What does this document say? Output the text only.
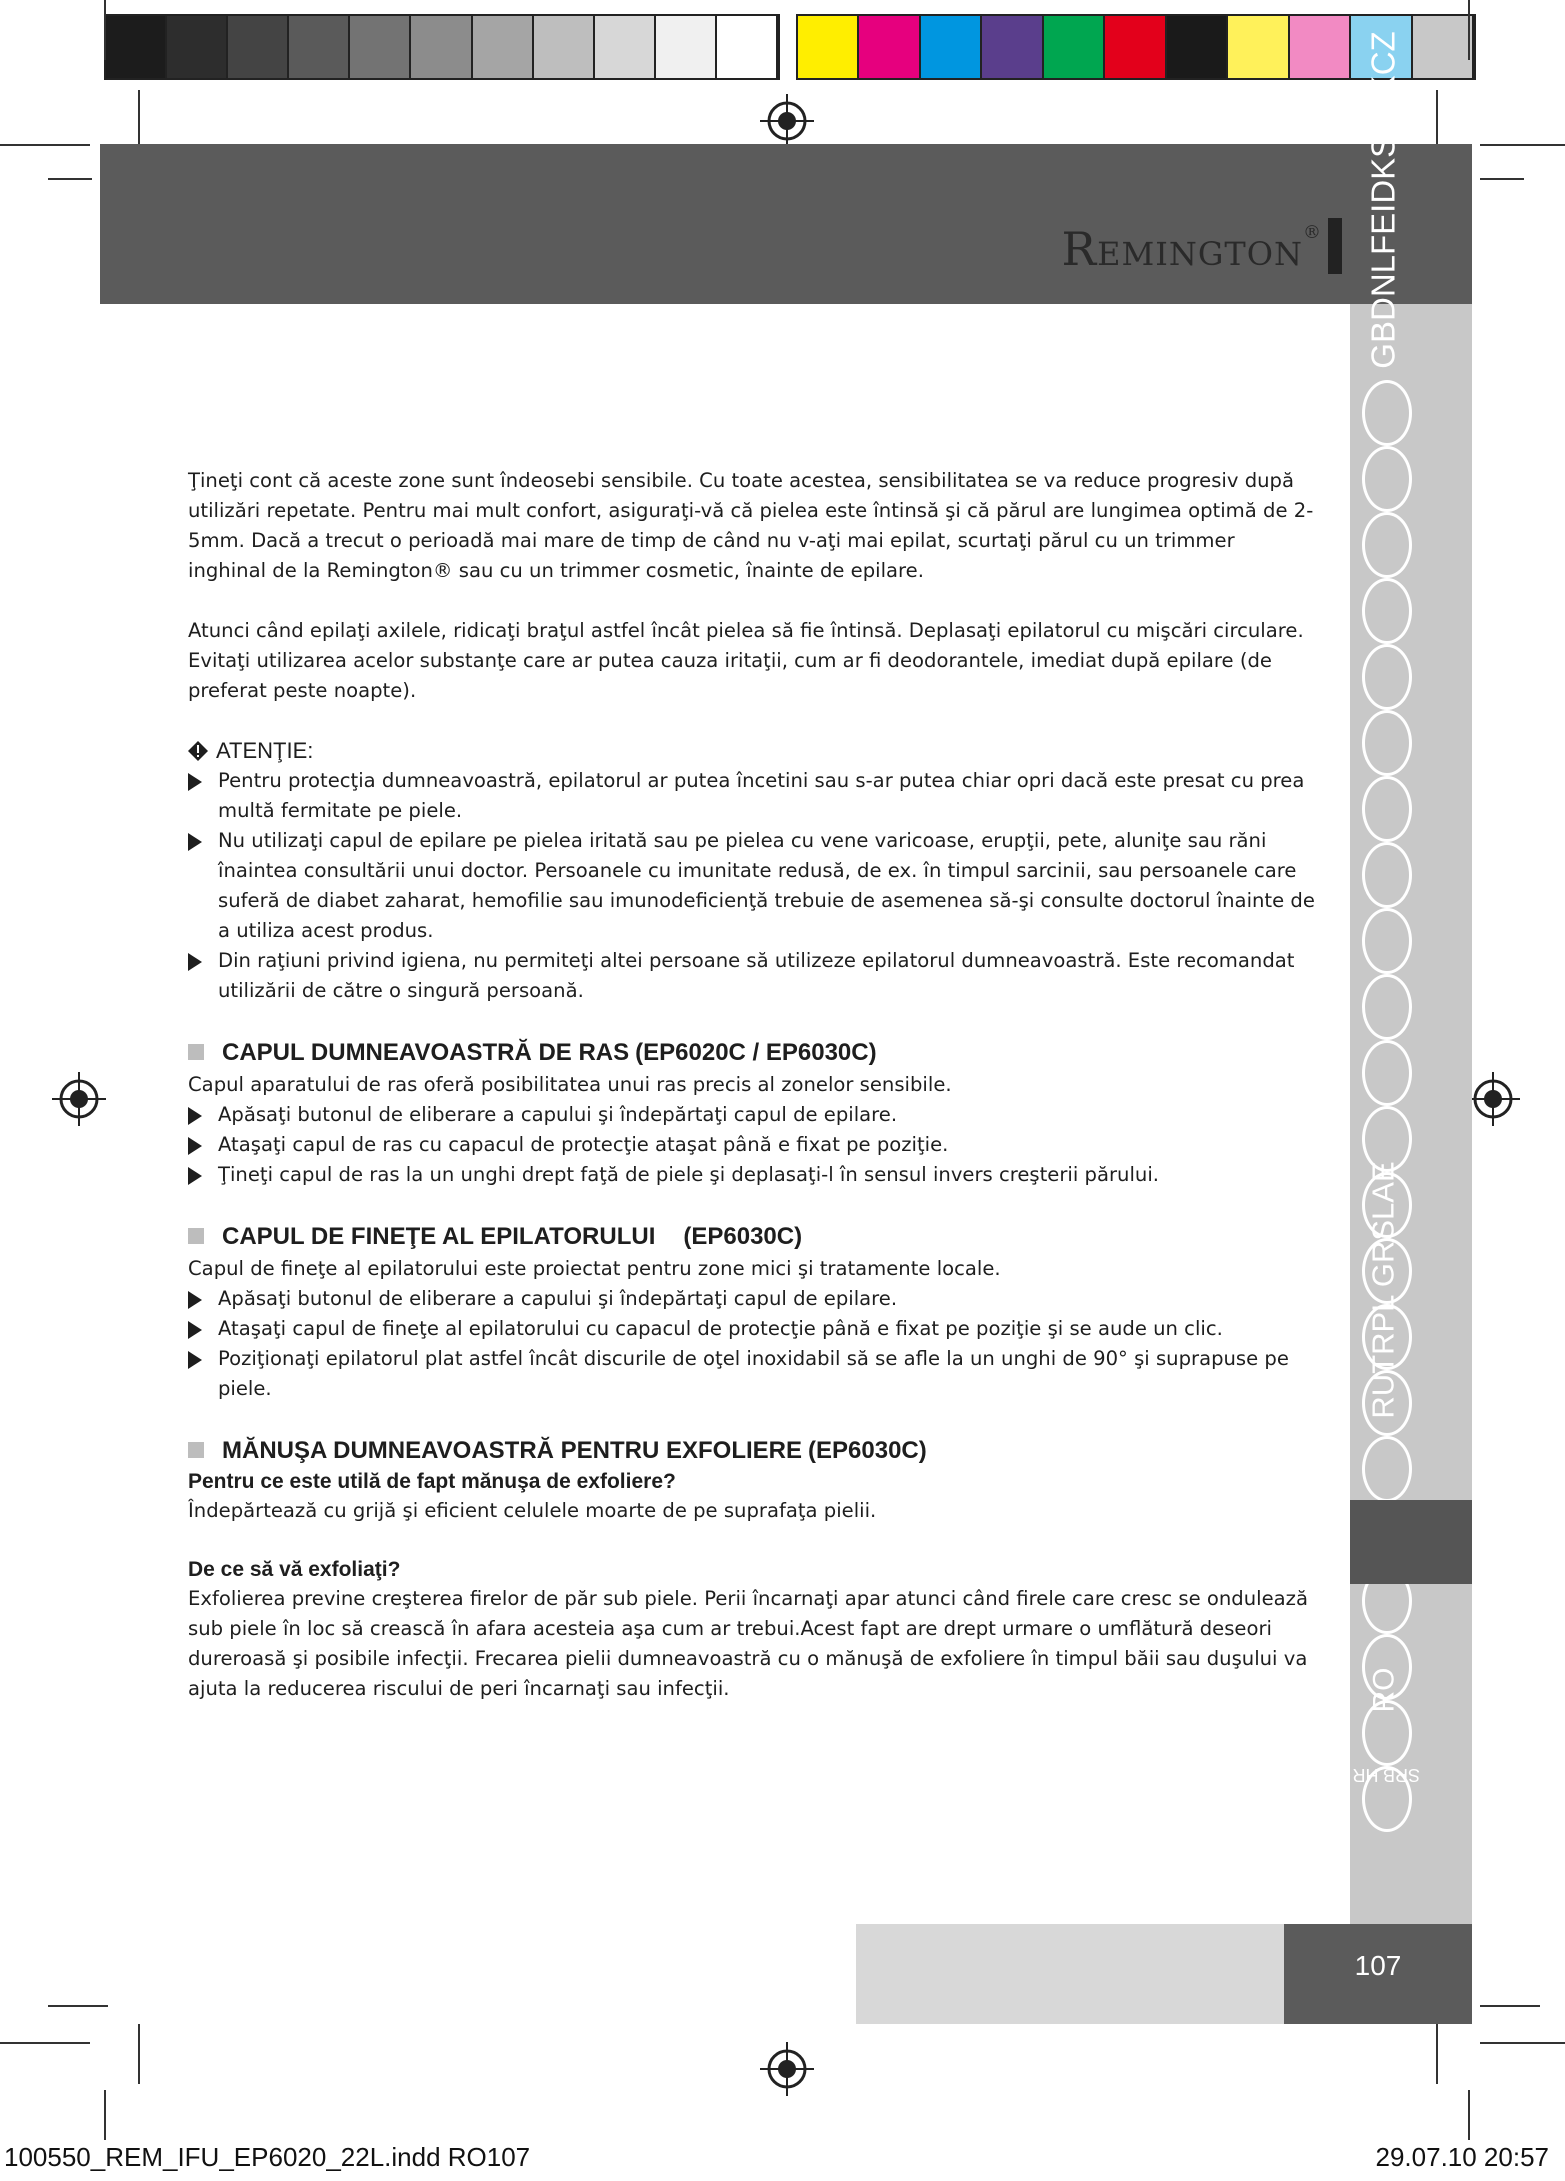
Remington® GBDNLFEIDKSFI KCZ
RUTRPL GRSLAE
RO
HR SRB

Ţineţi cont că aceste zone sunt îndeosebi sensibile. Cu toate acestea, sensibilitatea se va reduce progresiv după utilizări repetate. Pentru mai mult confort, asiguraţi-vă că pielea este întinsă şi că părul are lungimea optimă de 2-5mm. Dacă a trecut o perioadă mai mare de timp de când nu v-aţi mai epilat, scurtaţi părul cu un trimmer inghinal de la Remington® sau cu un trimmer cosmetic, înainte de epilare.

Atunci când epilaţi axilele, ridicaţi braţul astfel încât pielea să fie întinsă. Deplasaţi epilatorul cu mişcări circulare. Evitaţi utilizarea acelor substanţe care ar putea cauza iritaţii, cum ar fi deodorantele, imediat după epilare (de preferat peste noapte).

ATENŢIE:
Pentru protecţia dumneavoastră, epilatorul ar putea încetini sau s-ar putea chiar opri dacă este presat cu prea multă fermitate pe piele.
Nu utilizaţi capul de epilare pe pielea iritată sau pe pielea cu vene varicoase, erupţii, pete, aluniţe sau răni înaintea consultării unui doctor. Persoanele cu imunitate redusă, de ex. în timpul sarcinii, sau persoanele care suferă de diabet zaharat, hemofilie sau imunodeficienţă trebuie de asemenea să-şi consulte doctorul înainte de a utiliza acest produs.
Din raţiuni privind igiena, nu permiteţi altei persoane să utilizeze epilatorul dumneavoastră. Este recomandat utilizării de către o singură persoană.
CAPUL DUMNEAVOASTRĂ DE RAS (EP6020C / EP6030C)

Capul aparatului de ras oferă posibilitatea unui ras precis al zonelor sensibile.

Apăsaţi butonul de eliberare a capului şi îndepărtaţi capul de epilare.
Ataşaţi capul de ras cu capacul de protecţie ataşat până e fixat pe poziţie.
Ţineţi capul de ras la un unghi drept faţă de piele şi deplasaţi-l în sensul invers creşterii părului.
CAPUL DE FINEŢE AL EPILATORULUI (EP6030C)

Capul de fineţe al epilatorului este proiectat pentru zone mici şi tratamente locale.

Apăsaţi butonul de eliberare a capului şi îndepărtaţi capul de epilare.
Ataşaţi capul de fineţe al epilatorului cu capacul de protecţie până e fixat pe poziţie şi se aude un clic.
Poziţionaţi epilatorul plat astfel încât discurile de oţel inoxidabil să se afle la un unghi de 90° şi suprapuse pe piele.
MĂNUŞA DUMNEAVOASTRĂ PENTRU EXFOLIERE (EP6030C)

Pentru ce este utilă de fapt mănuşa de exfoliere?

Îndepărtează cu grijă şi eficient celulele moarte de pe suprafaţa pielii.

De ce să vă exfoliaţi?

Exfolierea previne creşterea firelor de păr sub piele. Perii încarnaţi apar atunci când firele care cresc se ondulează sub piele în loc să crească în afara acesteia aşa cum ar trebui.Acest fapt are drept urmare o umflătură deseori dureroasă şi posibile infecţii. Frecarea pielii dumneavoastră cu o mănuşă de exfoliere în timpul băii sau duşului va ajuta la reducerea riscului de peri încarnaţi sau infecţii.

107
100550_REM_IFU_EP6020_22L.indd RO107	29.07.10 20:57
